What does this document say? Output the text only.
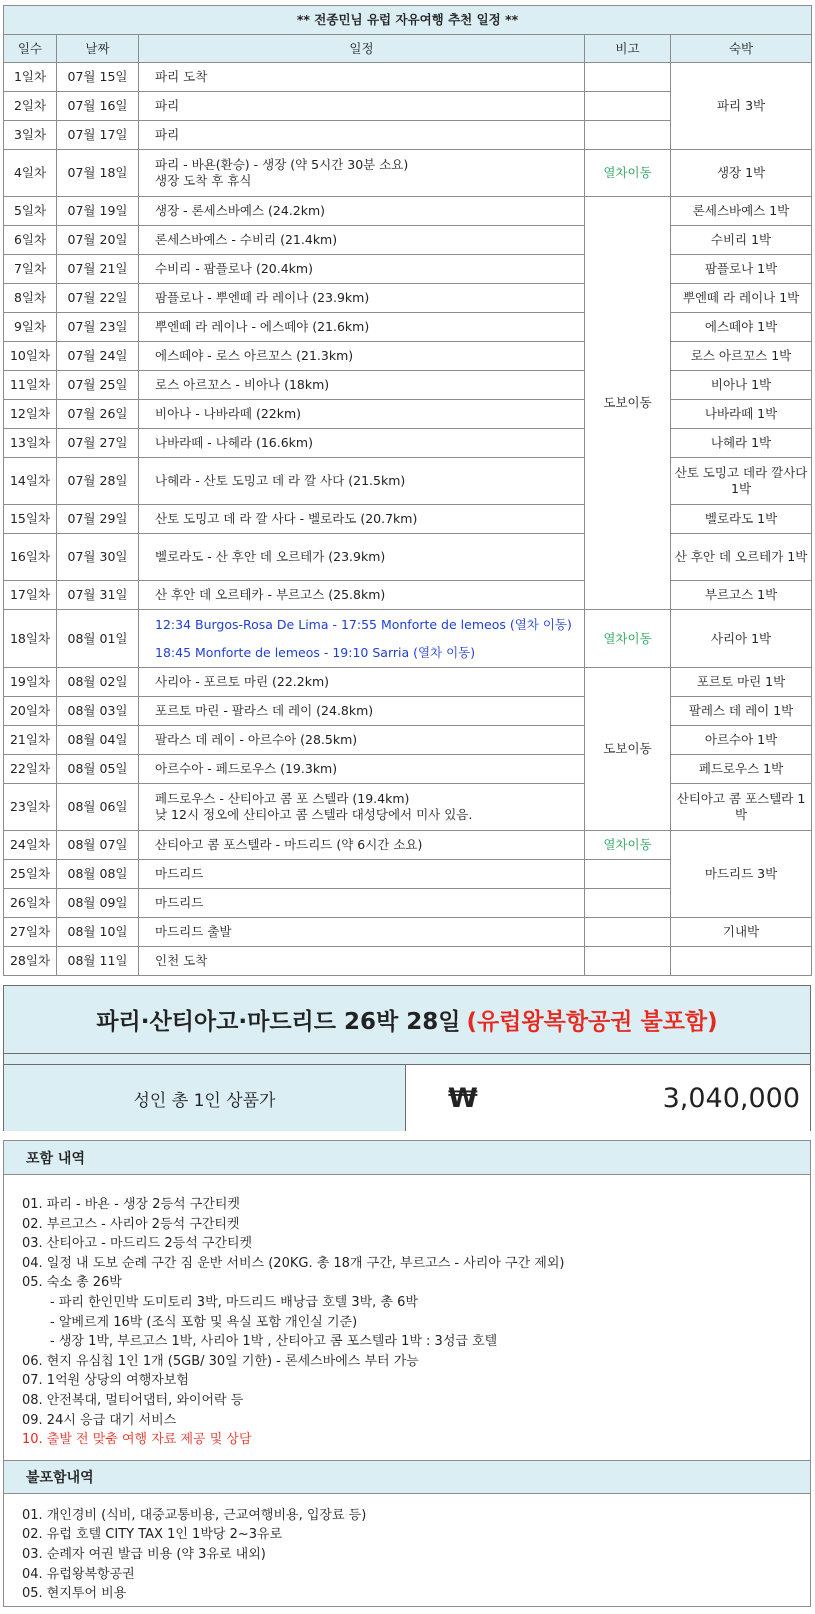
** 전종민님 유럽 자유여행 추천 일정 **				
일수	날짜	일정	비고	숙박
1일차	07월 15일	파리 도착		파리 3박
2일차	07월 16일	파리		
3일차	07월 17일	파리		
4일차	07월 18일	파리 - 바욘(환승) - 생장 (약 5시간 30분 소요)
생장 도착 후 휴식	열차이동	생장 1박
5일차	07월 19일	생장 - 론세스바예스 (24.2km)	도보이동	론세스바예스 1박
6일차	07월 20일	론세스바예스 - 수비리 (21.4km)		수비리 1박
7일차	07월 21일	수비리 - 팜플로나 (20.4km)		팜플로나 1박
8일차	07월 22일	팜플로나 - 뿌엔떼 라 레이나 (23.9km)		뿌엔떼 라 레이나 1박
9일차	07월 23일	뿌엔떼 라 레이나 - 에스떼야 (21.6km)		에스떼야 1박
10일차	07월 24일	에스떼야 - 로스 아르꼬스 (21.3km)		로스 아르꼬스 1박
11일차	07월 25일	로스 아르꼬스 - 비아나 (18km)		비아나 1박
12일차	07월 26일	비아나 - 나바라떼 (22km)		나바라떼 1박
13일차	07월 27일	나바라떼 - 나헤라 (16.6km)		나헤라 1박
14일차	07월 28일	나헤라 - 산토 도밍고 데 라 깔 사다 (21.5km)		산토 도밍고 데라 깔사다 1박
15일차	07월 29일	산토 도밍고 데 라 깔 사다 - 벨로라도 (20.7km)		벨로라도 1박
16일차	07월 30일	벨로라도 - 산 후안 데 오르테가 (23.9km)		산 후안 데 오르테가 1박
17일차	07월 31일	산 후안 데 오르테카 - 부르고스 (25.8km)		부르고스 1박
18일차	08월 01일	12:34 Burgos-Rosa De Lima - 17:55 Monforte de lemeos (열차 이동)
18:45 Monforte de lemeos - 19:10 Sarria (열차 이동)	열차이동	사리아 1박
19일차	08월 02일	사리아 - 포르토 마린 (22.2km)	도보이동	포르토 마린 1박
20일차	08월 03일	포르토 마린 - 팔라스 데 레이 (24.8km)		팔레스 데 레이 1박
21일차	08월 04일	팔라스 데 레이 - 아르수아 (28.5km)		아르수아 1박
22일차	08월 05일	아르수아 - 페드로우스 (19.3km)		페드로우스 1박
23일차	08월 06일	페드로우스 - 산티아고 콤 포 스텔라 (19.4km)
낮 12시 정오에 산티아고 콤 스텔라 대성당에서 미사 있음.		산티아고 콤 포스텔라 1박
24일차	08월 07일	산티아고 콤 포스텔라 - 마드리드 (약 6시간 소요)	열차이동	마드리드 3박
25일차	08월 08일	마드리드		
26일차	08월 09일	마드리드		
27일차	08월 10일	마드리드 출발		기내박
28일차	08월 11일	인천 도착		
파리·산티아고·마드리드 26박 28일 (유럽왕복항공권 불포함)
성인 총 1인 상품가	₩	3,040,000
포함 내역
01. 파리 - 바욘 - 생장 2등석 구간티켓
02. 부르고스 - 사리아 2등석 구간티켓
03. 산티아고 - 마드리드 2등석 구간티켓
04. 일정 내 도보 순례 구간 짐 운반 서비스 (20KG. 총 18개 구간, 부르고스 - 사리아 구간 제외)
05. 숙소 총 26박
- 파리 한인민박 도미토리 3박, 마드리드 배낭급 호텔 3박, 총 6박
- 알베르게 16박 (조식 포함 및 욕실 포함 개인실 기준)
- 생장 1박, 부르고스 1박, 사리아 1박 , 산티아고 콤 포스텔라 1박 : 3성급 호텔
06. 현지 유심칩 1인 1개 (5GB/ 30일 기한) - 론세스바에스 부터 가능
07. 1억원 상당의 여행자보험
08. 안전복대, 멀티어댑터, 와이어락 등
09. 24시 응급 대기 서비스
10. 출발 전 맞춤 여행 자료 제공 및 상담
불포함내역
01. 개인경비 (식비, 대중교통비용, 근교여행비용, 입장료 등)
02. 유럽 호텔 CITY TAX 1인 1박당 2~3유로
03. 순례자 여권 발급 비용 (약 3유로 내외)
04. 유럽왕복항공권
05. 현지투어 비용
